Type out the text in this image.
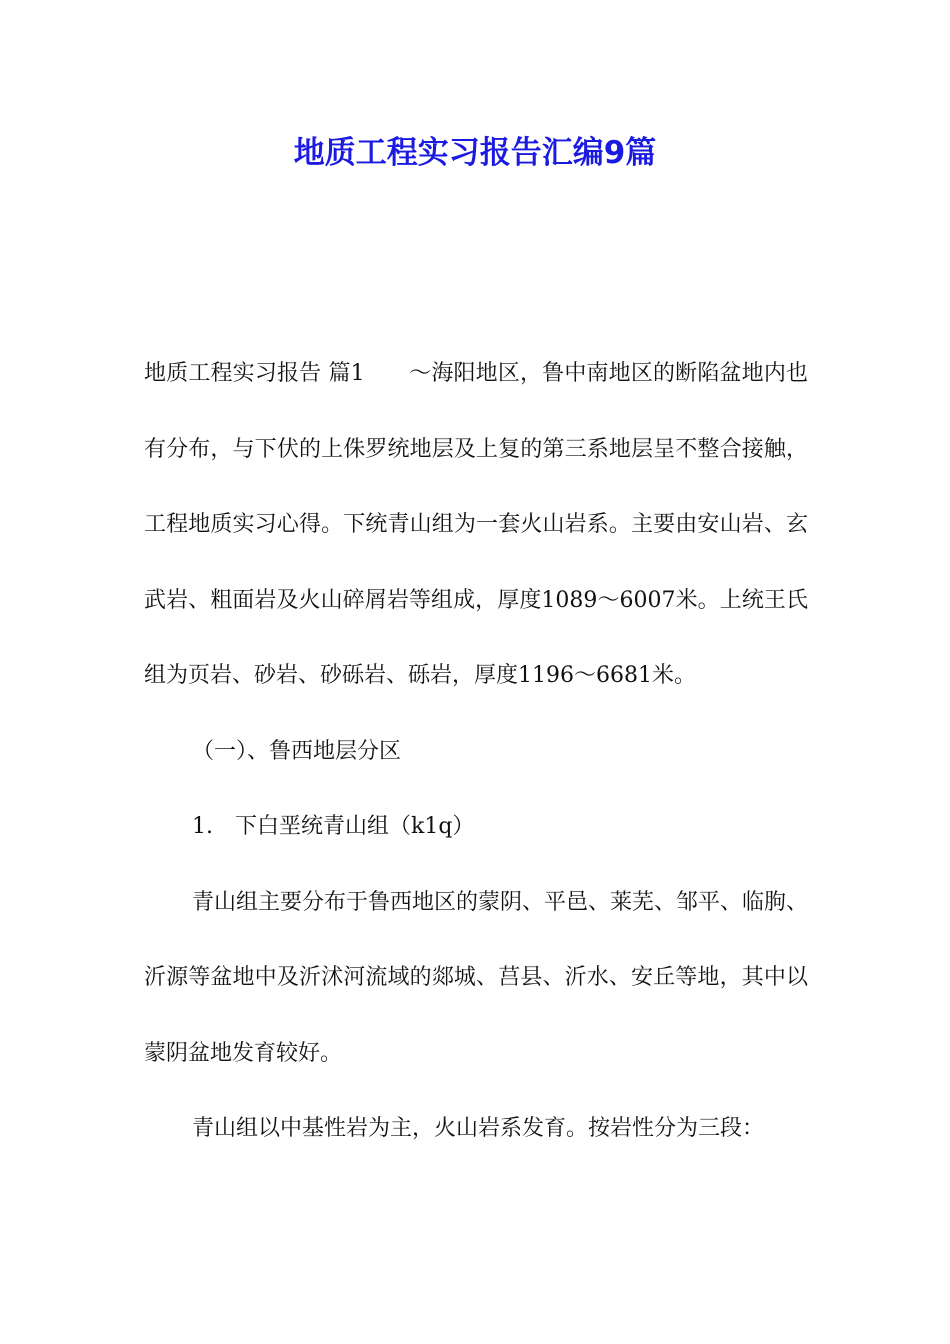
地质工程实习报告汇编9篇

地质工程实习报告 篇1　　～海阳地区，鲁中南地区的断陷盆地内也有分布，与下伏的上侏罗统地层及上复的第三系地层呈不整合接触，工程地质实习心得。下统青山组为一套火山岩系。主要由安山岩、玄武岩、粗面岩及火山碎屑岩等组成，厚度1089～6007米。上统王氏组为页岩、砂岩、砂砾岩、砾岩，厚度1196～6681米。

（一）、鲁西地层分区

1.　下白垩统青山组（k1q）

青山组主要分布于鲁西地区的蒙阴、平邑、莱芜、邹平、临朐、沂源等盆地中及沂沭河流域的郯城、莒县、沂水、安丘等地，其中以蒙阴盆地发育较好。

青山组以中基性岩为主，火山岩系发育。按岩性分为三段：
